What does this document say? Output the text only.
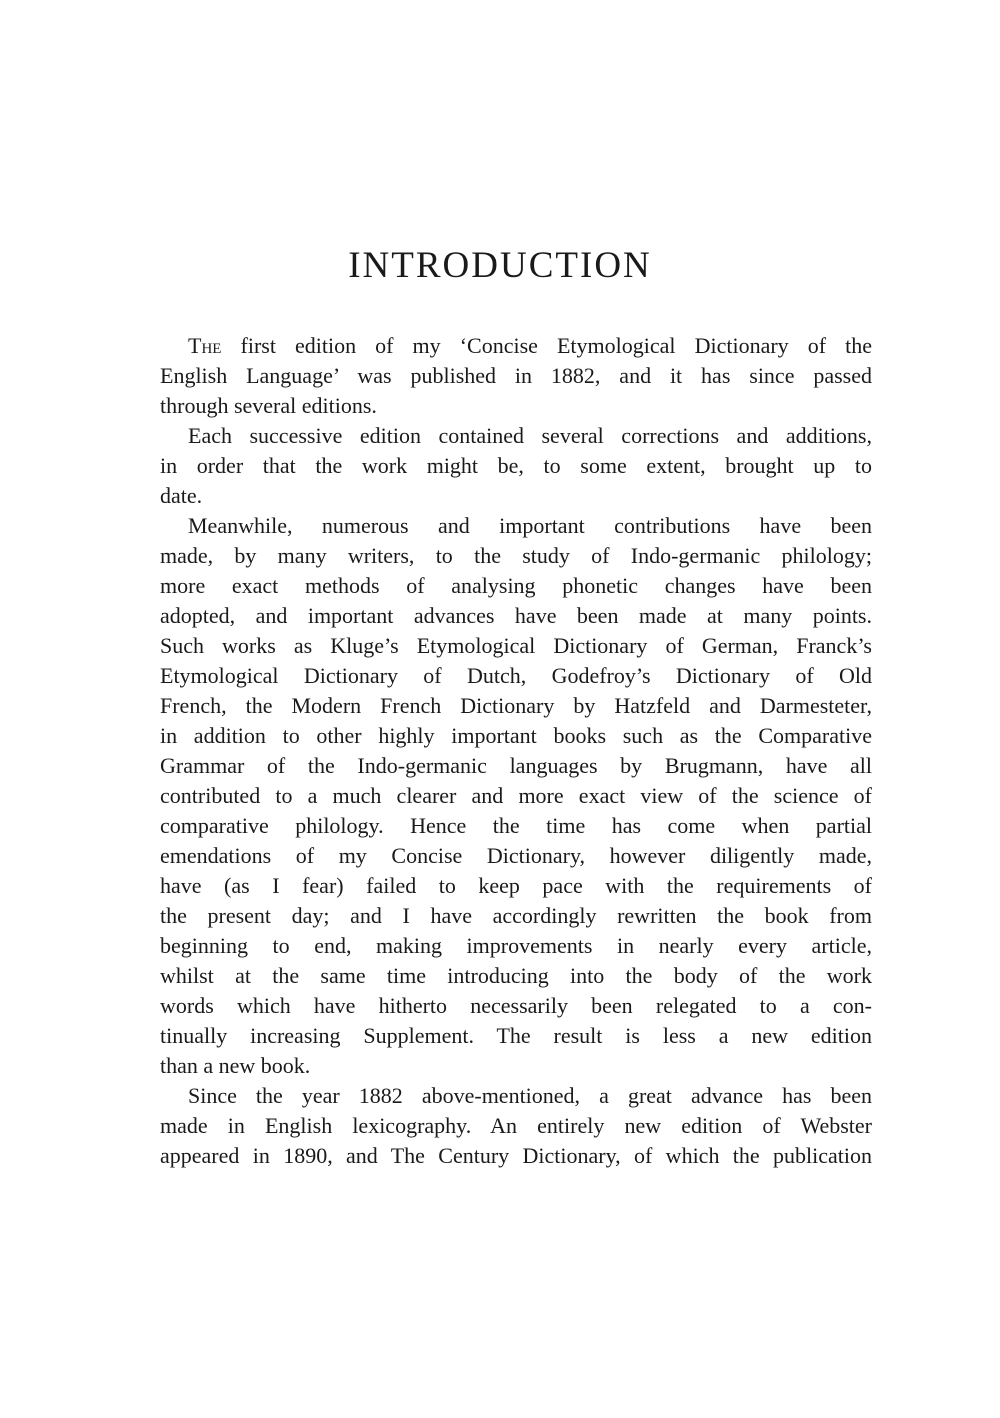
INTRODUCTION

The first edition of my ‘Concise Etymological Dictionary of the
English Language’ was published in 1882, and it has since passed
through several editions.

Each successive edition contained several corrections and additions,
in order that the work might be, to some extent, brought up to
date.

Meanwhile, numerous and important contributions have been
made, by many writers, to the study of Indo-germanic philology;
more exact methods of analysing phonetic changes have been
adopted, and important advances have been made at many points.
Such works as Kluge’s Etymological Dictionary of German, Franck’s
Etymological Dictionary of Dutch, Godefroy’s Dictionary of Old
French, the Modern French Dictionary by Hatzfeld and Darmesteter,
in addition to other highly important books such as the Comparative
Grammar of the Indo-germanic languages by Brugmann, have all
contributed to a much clearer and more exact view of the science of
comparative philology. Hence the time has come when partial
emendations of my Concise Dictionary, however diligently made,
have (as I fear) failed to keep pace with the requirements of
the present day; and I have accordingly rewritten the book from
beginning to end, making improvements in nearly every article,
whilst at the same time introducing into the body of the work
words which have hitherto necessarily been relegated to a con-
tinually increasing Supplement. The result is less a new edition
than a new book.

Since the year 1882 above-mentioned, a great advance has been
made in English lexicography. An entirely new edition of Webster
appeared in 1890, and The Century Dictionary, of which the publication
